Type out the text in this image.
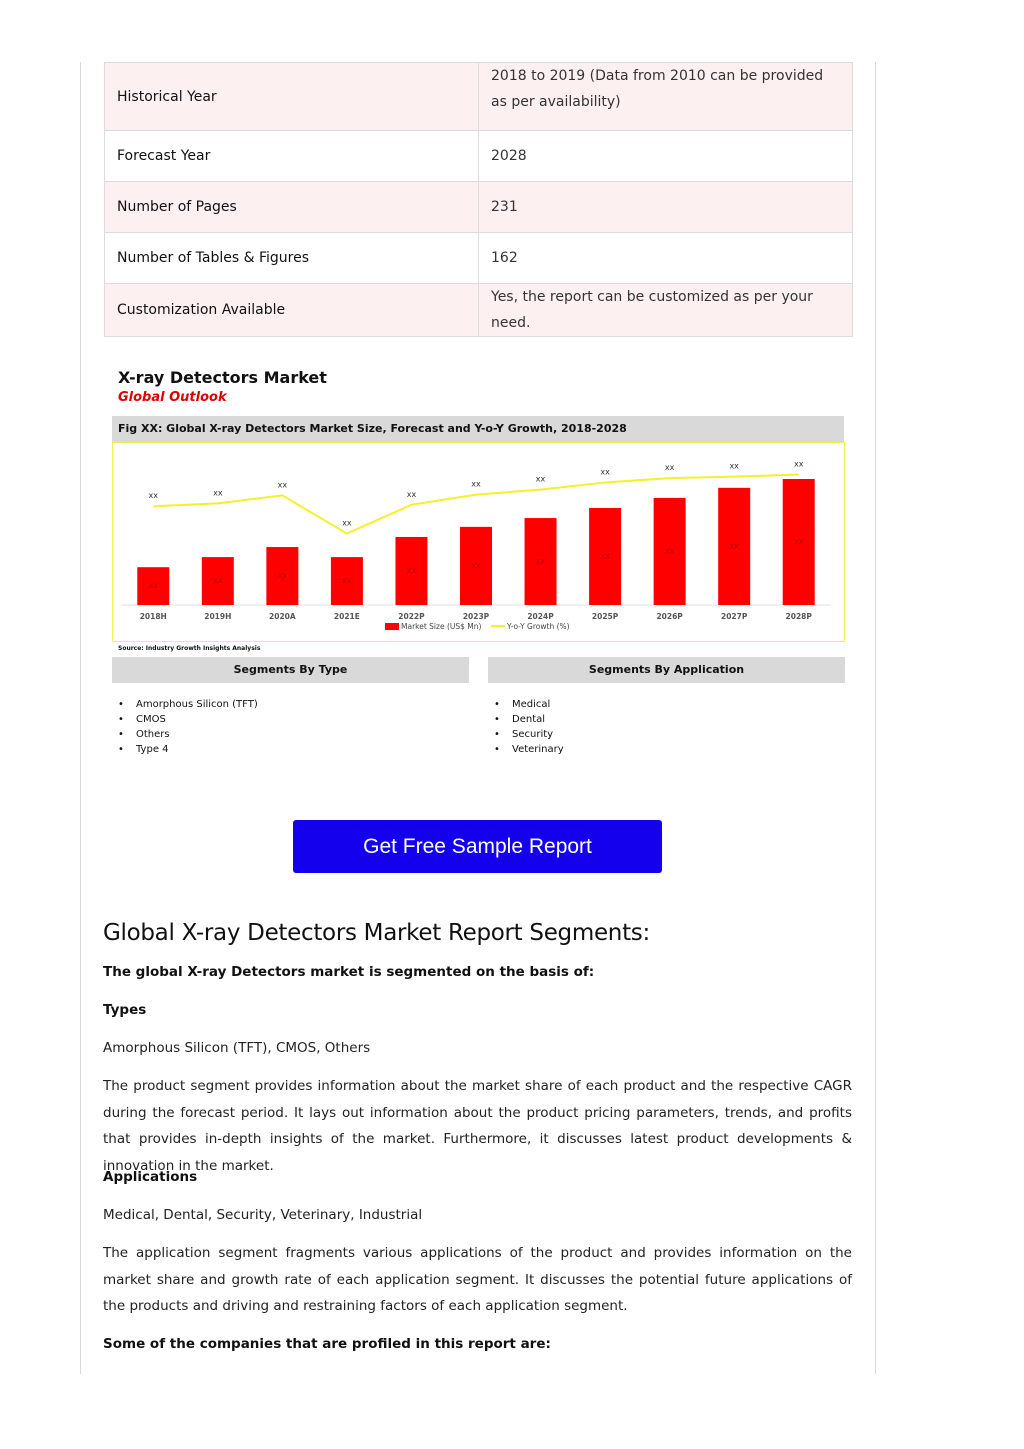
Historical Year	2018 to 2019 (Data from 2010 can be provided as per availability)
Forecast Year	2028
Number of Pages	231
Number of Tables & Figures	162
Customization Available	Yes, the report can be customized as per your need.
X-ray Detectors Market
Global Outlook
Fig XX: Global X-ray Detectors Market Size, Forecast and Y-o-Y Growth, 2018-2028
xx
2018H
xx
2019H
xx
2020A
xx
2021E
xx
2022P
xx
2023P
xx
2024P
xx
2025P
xx
2026P
xx
2027P
xx
2028P
xx	xx
xx
xx
xx
xx
xx
xx	xx	xx	xx
Market Size (US$ Mn)	Y-o-Y Growth (%)
Source: Industry Growth Insights Analysis
Segments By Type	Segments By Application
• Amorphous Silicon (TFT)
• CMOS
• Others
• Type 4
• Medical
• Dental
• Security
• Veterinary
Get Free Sample Report
Global X-ray Detectors Market Report Segments:
The global X-ray Detectors market is segmented on the basis of:
Types
Amorphous Silicon (TFT), CMOS, Others
The product segment provides information about the market share of each product and the respective CAGR during the forecast period. It lays out information about the product pricing parameters, trends, and profits that provides in-depth insights of the market. Furthermore, it discusses latest product developments & innovation in the market.
Applications
Medical, Dental, Security, Veterinary, Industrial
The application segment fragments various applications of the product and provides information on the market share and growth rate of each application segment. It discusses the potential future applications of the products and driving and restraining factors of each application segment.
Some of the companies that are profiled in this report are:
